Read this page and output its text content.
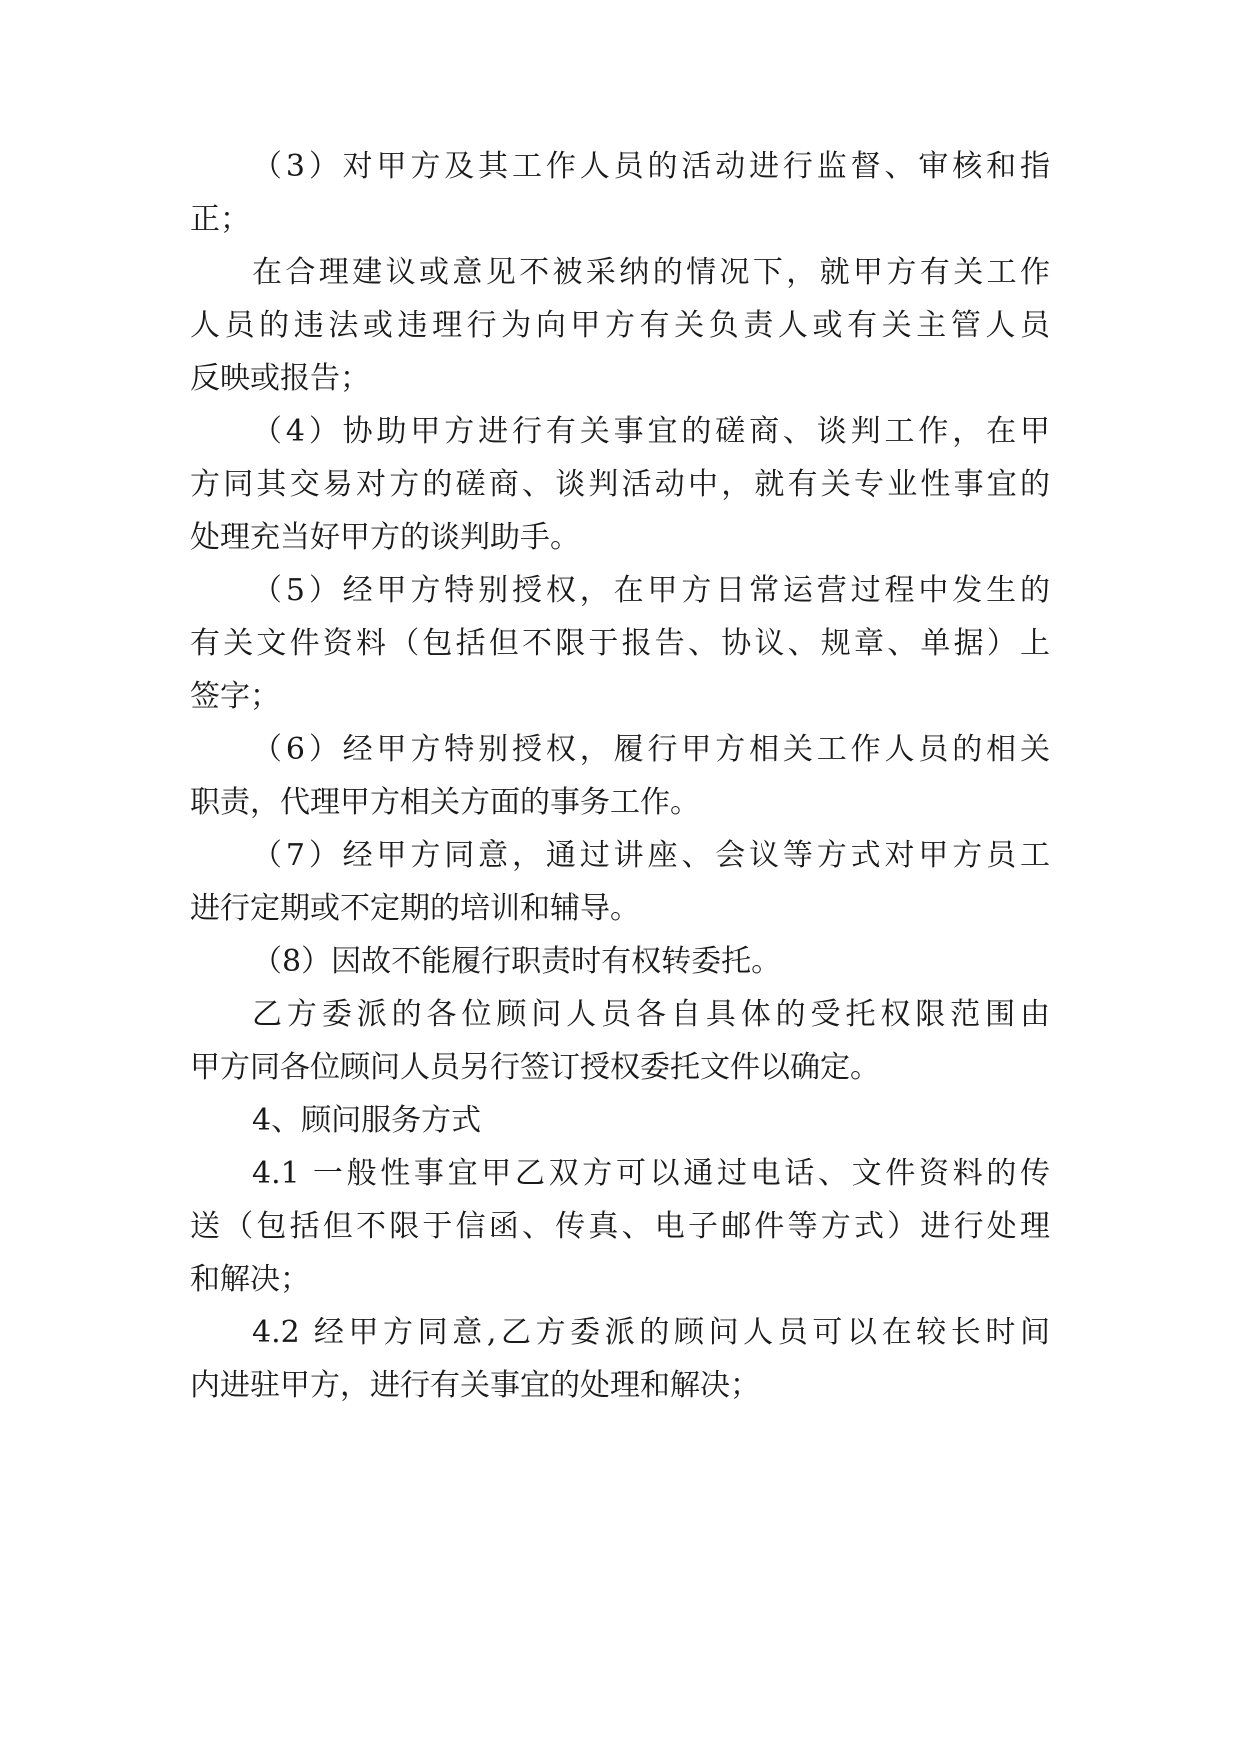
（3）对甲方及其工作人员的活动进行监督、审核和指
正；
在合理建议或意见不被采纳的情况下，就甲方有关工作
人员的违法或违理行为向甲方有关负责人或有关主管人员
反映或报告；
（4）协助甲方进行有关事宜的磋商、谈判工作，在甲
方同其交易对方的磋商、谈判活动中，就有关专业性事宜的
处理充当好甲方的谈判助手。
（5）经甲方特别授权，在甲方日常运营过程中发生的
有关文件资料（包括但不限于报告、协议、规章、单据）上
签字；
（6）经甲方特别授权，履行甲方相关工作人员的相关
职责，代理甲方相关方面的事务工作。
（7）经甲方同意，通过讲座、会议等方式对甲方员工
进行定期或不定期的培训和辅导。
（8）因故不能履行职责时有权转委托。
乙方委派的各位顾问人员各自具体的受托权限范围由
甲方同各位顾问人员另行签订授权委托文件以确定。
4、顾问服务方式
4.1 一般性事宜甲乙双方可以通过电话、文件资料的传
送（包括但不限于信函、传真、电子邮件等方式）进行处理
和解决；
4.2 经甲方同意,乙方委派的顾问人员可以在较长时间
内进驻甲方，进行有关事宜的处理和解决；
